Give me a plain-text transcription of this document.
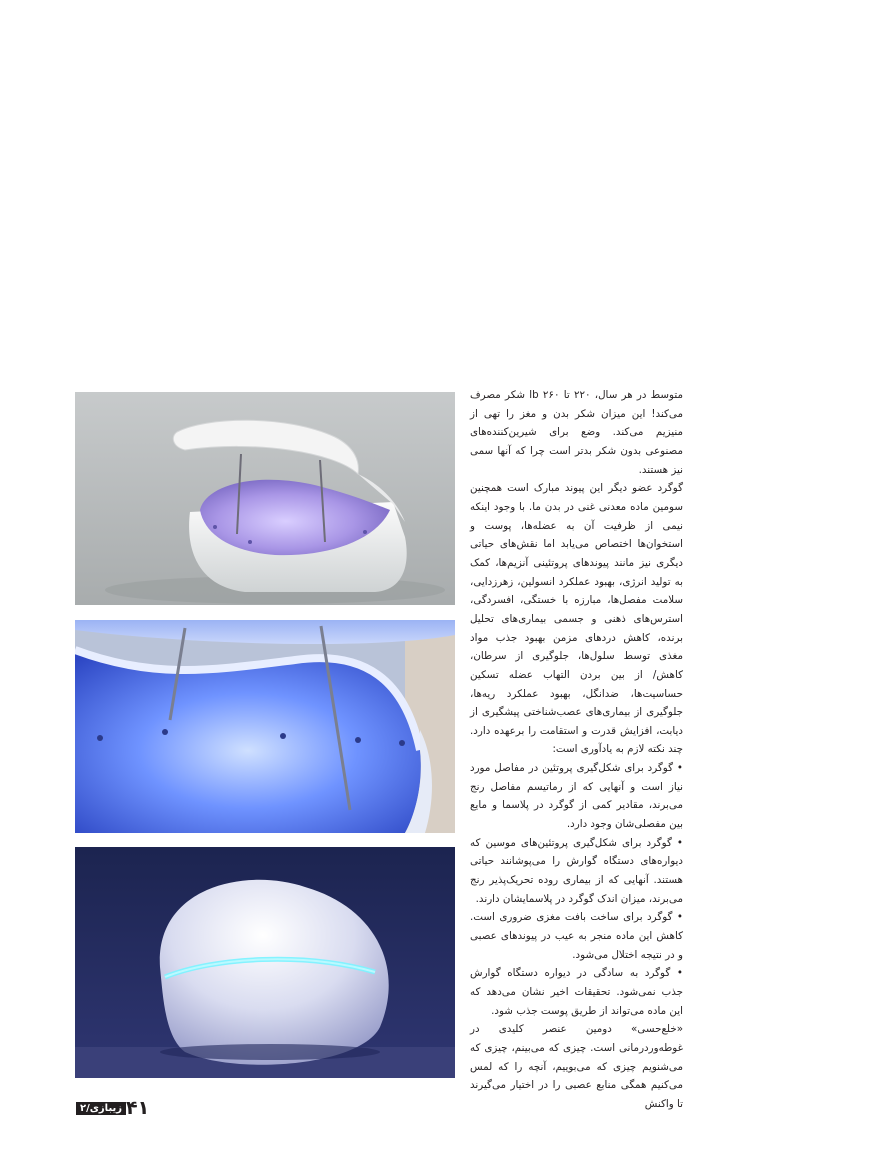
متوسط در هر سال، ۲۲۰ تا ۲۶۰ lb شکر مصرف می‌کند! این میزان شکر بدن و مغز را تهی از منیزیم می‌کند. وضع برای شیرین‌کننده‌های مصنوعی بدون شکر بدتر است چرا که آنها سمی نیز هستند.

گوگرد عضو دیگر این پیوند مبارک است همچنین سومین ماده معدنی غنی در بدن ما. با وجود اینکه نیمی از ظرفیت آن به عضله‌ها، پوست و استخوان‌ها اختصاص می‌یابد اما نقش‌های حیاتی دیگری نیز مانند پیوندهای پروتئینی آنزیم‌ها، کمک به تولید انرژی، بهبود عملکرد انسولین، زهرزدایی، سلامت مفصل‌ها، مبارزه با خستگی، افسردگی، استرس‌های ذهنی و جسمی بیماری‌های تحلیل برنده، کاهش دردهای مزمن بهبود جذب مواد مغذی توسط سلول‌ها، جلوگیری از سرطان، کاهش/ از بین بردن التهاب عضله تسکین حساسیت‌ها، ضدانگل، بهبود عملکرد ریه‌ها، جلوگیری از بیماری‌های عصب‌شناختی پیشگیری از دیابت، افزایش قدرت و استقامت را برعهده دارد. چند نکته لازم به یادآوری است:

• گوگرد برای شکل‌گیری پروتئین در مفاصل مورد نیاز است و آنهایی که از رماتیسم مفاصل رنج می‌برند، مقادیر کمی از گوگرد در پلاسما و مایع بین مفصلی‌شان وجود دارد.

• گوگرد برای شکل‌گیری پروتئین‌های موسین که دیواره‌های دستگاه گوارش را می‌پوشانند حیاتی هستند. آنهایی که از بیماری روده تحریک‌پذیر رنج می‌برند، میزان اندک گوگرد در پلاسمایشان دارند.

• گوگرد برای ساخت بافت مغزی ضروری است. کاهش این ماده منجر به عیب در پیوندهای عصبی و در نتیجه اختلال می‌شود.

• گوگرد به سادگی در دیواره دستگاه گوارش جذب نمی‌شود. تحقیقات اخیر نشان می‌دهد که این ماده می‌تواند از طریق پوست جذب شود.

«خلع‌حسی» دومین عنصر کلیدی در غوطه‌ور‌درمانی است. چیزی که می‌بینم، چیزی که می‌شنویم چیزی که می‌بوییم، آنچه را که لمس می‌کنیم همگی منابع عصبی را در اختیار می‌گیرند تا واکنش

زیبازی/۲ ۴۱
